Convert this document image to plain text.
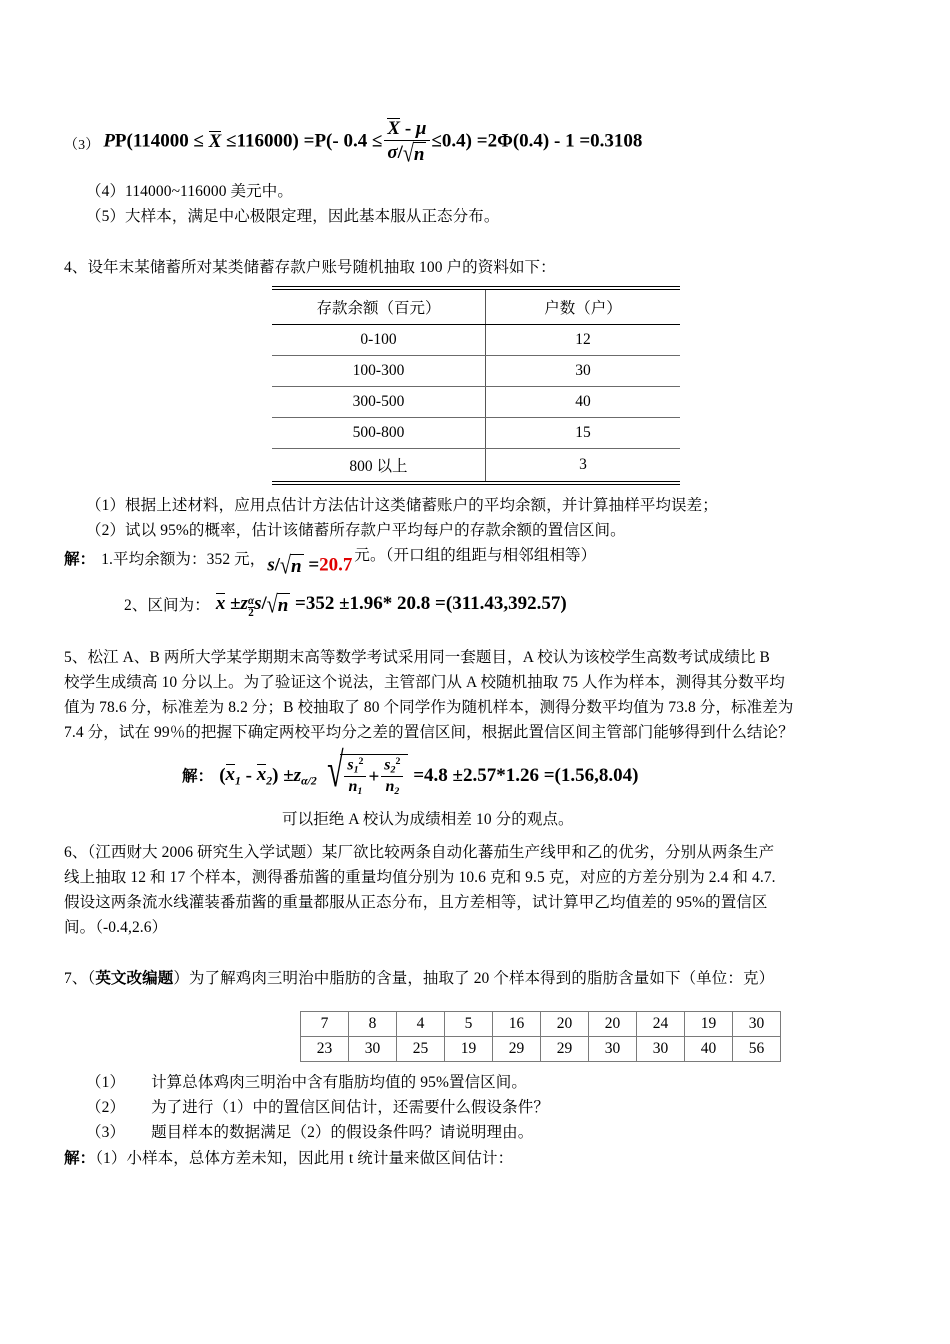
（3） PP(114000 ≤ X ≤116000) =P(- $0.4 \le \frac{X - \mu}{\sigma/√n} \le 0.4) =2\Phi(0.4) - 1 =0.3108$
（4）114000~116000 美元中。
（5）大样本，满足中心极限定理，因此基本服从正态分布。
4、设年末某储蓄所对某类储蓄存款户账号随机抽取 100 户的资料如下：
存款余额（百元）	户数（户）
0-100	12
100-300	30
300-500	40
500-800	15
800 以上	3
（1）根据上述材料，应用点估计方法估计这类储蓄账户的平均余额，并计算抽样平均误差；
（2）试以 95%的概率，估计该储蓄所存款户平均每户的存款余额的置信区间。
解： 1.平均余额为：352 元， s/√n =20.7 元。（开口组的组距与相邻组相等）
2、区间为： $x \pm z \frac{\alpha}{2} s/√n =352 \pm 1.96*$ 20.8 =(311.43,392.57)
5、松江 A、B 两所大学某学期期末高等数学考试采用同一套题目，A 校认为该校学生高数考试成绩比 B
校学生成绩高 10 分以上。为了验证这个说法，主管部门从 A 校随机抽取 75 人作为样本，测得其分数平均
值为 78.6 分，标准差为 8.2 分；B 校抽取了 80 个同学作为随机样本，测得分数平均值为 73.8 分，标准差为
7.4 分，试在 99％的把握下确定两校平均分之差的置信区间，根据此置信区间主管部门能够得到什么结论？
解： $(x_1 - x_2) \pm z_{\alpha/2}$ √ $\frac{s_1^2}{n_1} + \frac{s_2^2}{n_2} =4.8 \pm 2.57*1.26 =(1.56,8.04)$
可以拒绝 A 校认为成绩相差 10 分的观点。
6、（江西财大 2006 研究生入学试题）某厂欲比较两条自动化蕃茄生产线甲和乙的优劣，分别从两条生产
线上抽取 12 和 17 个样本，测得番茄酱的重量均值分别为 10.6 克和 9.5 克，对应的方差分别为 2.4 和 4.7.
假设这两条流水线灌装番茄酱的重量都服从正态分布，且方差相等，试计算甲乙均值差的 95%的置信区
间。（-0.4,2.6）
7、（英文改编题）为了解鸡肉三明治中脂肪的含量，抽取了 20 个样本得到的脂肪含量如下（单位：克）
7	8	4	5	16	20	20	24	19	30
23	30	25	19	29	29	30	30	40	56
（1） 计算总体鸡肉三明治中含有脂肪均值的 95%置信区间。
（2） 为了进行（1）中的置信区间估计，还需要什么假设条件？
（3） 题目样本的数据满足（2）的假设条件吗？请说明理由。
解：（1）小样本，总体方差未知，因此用 t 统计量来做区间估计：
